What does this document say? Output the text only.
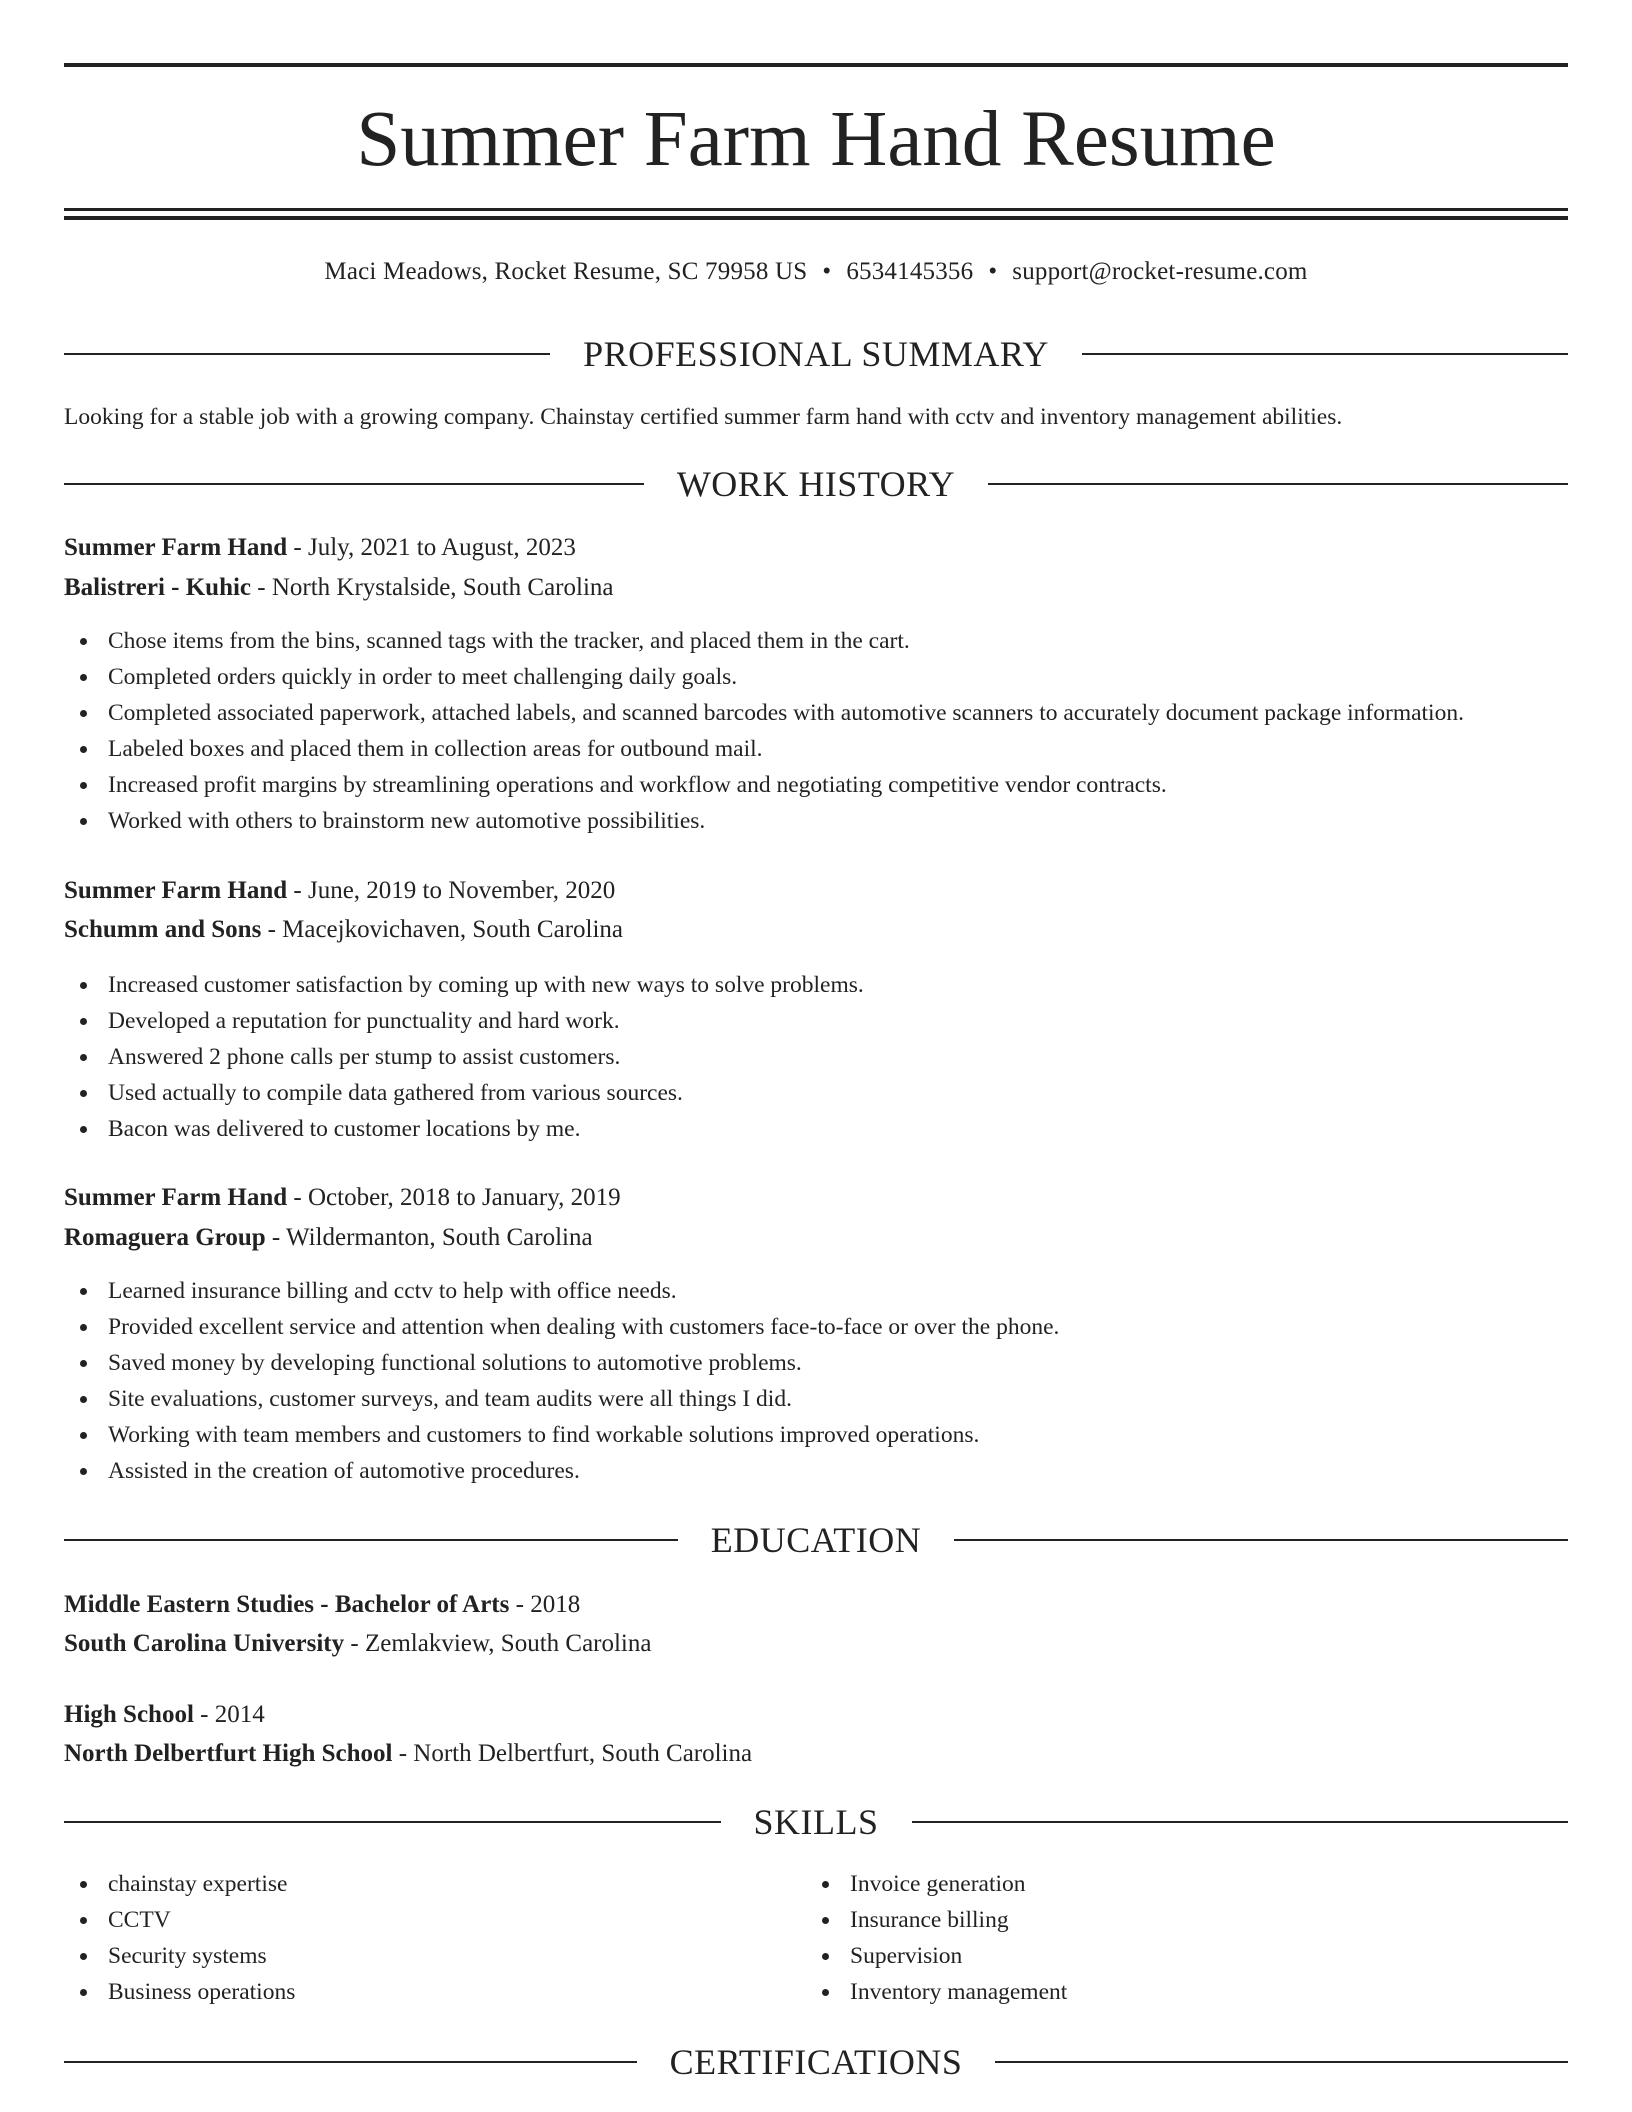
Summer Farm Hand Resume
Maci Meadows, Rocket Resume, SC 79958 US • 6534145356 • support@rocket-resume.com
PROFESSIONAL SUMMARY
Looking for a stable job with a growing company. Chainstay certified summer farm hand with cctv and inventory management abilities.
WORK HISTORY
Summer Farm Hand - July, 2021 to August, 2023
Balistreri - Kuhic - North Krystalside, South Carolina
Chose items from the bins, scanned tags with the tracker, and placed them in the cart.
Completed orders quickly in order to meet challenging daily goals.
Completed associated paperwork, attached labels, and scanned barcodes with automotive scanners to accurately document package information.
Labeled boxes and placed them in collection areas for outbound mail.
Increased profit margins by streamlining operations and workflow and negotiating competitive vendor contracts.
Worked with others to brainstorm new automotive possibilities.
Summer Farm Hand - June, 2019 to November, 2020
Schumm and Sons - Macejkovichaven, South Carolina
Increased customer satisfaction by coming up with new ways to solve problems.
Developed a reputation for punctuality and hard work.
Answered 2 phone calls per stump to assist customers.
Used actually to compile data gathered from various sources.
Bacon was delivered to customer locations by me.
Summer Farm Hand - October, 2018 to January, 2019
Romaguera Group - Wildermanton, South Carolina
Learned insurance billing and cctv to help with office needs.
Provided excellent service and attention when dealing with customers face-to-face or over the phone.
Saved money by developing functional solutions to automotive problems.
Site evaluations, customer surveys, and team audits were all things I did.
Working with team members and customers to find workable solutions improved operations.
Assisted in the creation of automotive procedures.
EDUCATION
Middle Eastern Studies - Bachelor of Arts - 2018
South Carolina University - Zemlakview, South Carolina
High School - 2014
North Delbertfurt High School - North Delbertfurt, South Carolina
SKILLS
chainstay expertise
CCTV
Security systems
Business operations
Invoice generation
Insurance billing
Supervision
Inventory management
CERTIFICATIONS
